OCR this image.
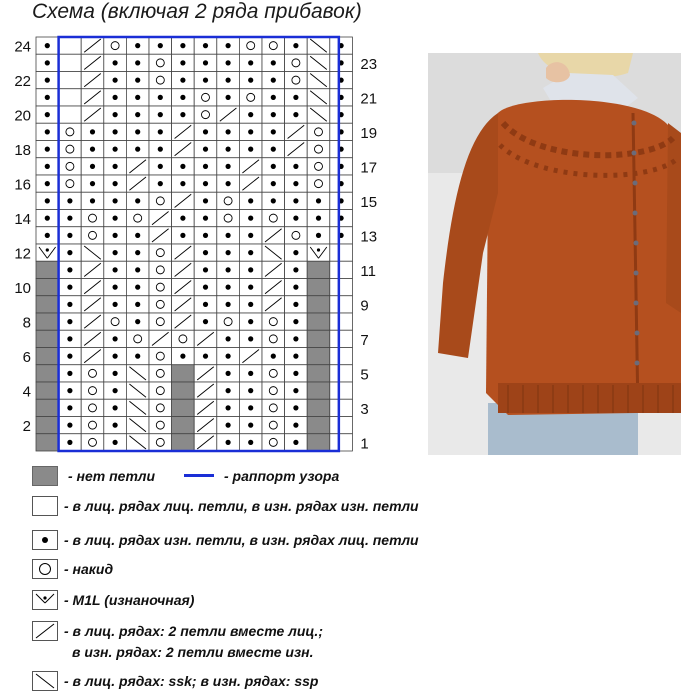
Схема (включая 2 ряда прибавок)
24
22
20
18
16
14
12
10
8
6
4
2
23
21
19
17
15
13
11
9
7
5
3
1
- нет петли	- раппорт узора
- в лиц. рядах лиц. петли, в изн. рядах изн. петли
- в лиц. рядах изн. петли, в изн. рядах лиц. петли
- накид
- M1L (изнаночная)
- в лиц. рядах: 2 петли вместе лиц.;
в изн. рядах: 2 петли вместе изн.
- в лиц. рядах: ssk; в изн. рядах: ssp
